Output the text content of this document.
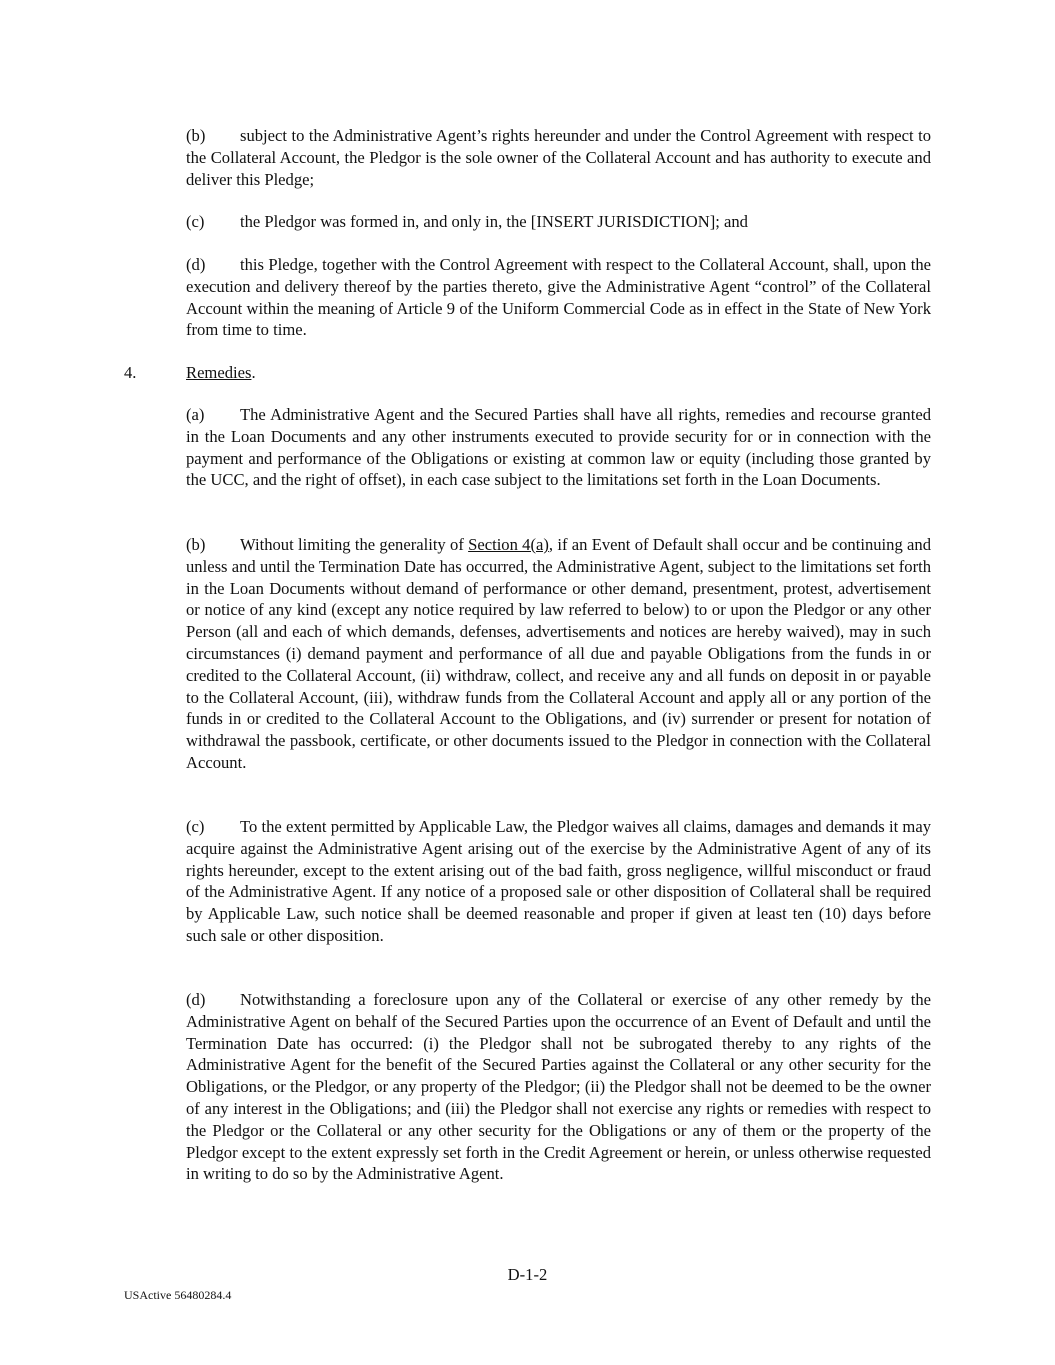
(b) subject to the Administrative Agent’s rights hereunder and under the Control Agreement with respect to the Collateral Account, the Pledgor is the sole owner of the Collateral Account and has authority to execute and deliver this Pledge;

(c) the Pledgor was formed in, and only in, the [INSERT JURISDICTION]; and

(d) this Pledge, together with the Control Agreement with respect to the Collateral Account, shall, upon the execution and delivery thereof by the parties thereto, give the Administrative Agent “control” of the Collateral Account within the meaning of Article 9 of the Uniform Commercial Code as in effect in the State of New York from time to time.

4.	Remedies.

(a) The Administrative Agent and the Secured Parties shall have all rights, remedies and recourse granted in the Loan Documents and any other instruments executed to provide security for or in connection with the payment and performance of the Obligations or existing at common law or equity (including those granted by the UCC, and the right of offset), in each case subject to the limitations set forth in the Loan Documents.

(b) Without limiting the generality of Section 4(a), if an Event of Default shall occur and be continuing and unless and until the Termination Date has occurred, the Administrative Agent, subject to the limitations set forth in the Loan Documents without demand of performance or other demand, presentment, protest, advertisement or notice of any kind (except any notice required by law referred to below) to or upon the Pledgor or any other Person (all and each of which demands, defenses, advertisements and notices are hereby waived), may in such circumstances (i) demand payment and performance of all due and payable Obligations from the funds in or credited to the Collateral Account, (ii) withdraw, collect, and receive any and all funds on deposit in or payable to the Collateral Account, (iii), withdraw funds from the Collateral Account and apply all or any portion of the funds in or credited to the Collateral Account to the Obligations, and (iv) surrender or present for notation of withdrawal the passbook, certificate, or other documents issued to the Pledgor in connection with the Collateral Account.

(c) To the extent permitted by Applicable Law, the Pledgor waives all claims, damages and demands it may acquire against the Administrative Agent arising out of the exercise by the Administrative Agent of any of its rights hereunder, except to the extent arising out of the bad faith, gross negligence, willful misconduct or fraud of the Administrative Agent. If any notice of a proposed sale or other disposition of Collateral shall be required by Applicable Law, such notice shall be deemed reasonable and proper if given at least ten (10) days before such sale or other disposition.

(d) Notwithstanding a foreclosure upon any of the Collateral or exercise of any other remedy by the Administrative Agent on behalf of the Secured Parties upon the occurrence of an Event of Default and until the Termination Date has occurred: (i) the Pledgor shall not be subrogated thereby to any rights of the Administrative Agent for the benefit of the Secured Parties against the Collateral or any other security for the Obligations, or the Pledgor, or any property of the Pledgor; (ii) the Pledgor shall not be deemed to be the owner of any interest in the Obligations; and (iii) the Pledgor shall not exercise any rights or remedies with respect to the Pledgor or the Collateral or any other security for the Obligations or any of them or the property of the Pledgor except to the extent expressly set forth in the Credit Agreement or herein, or unless otherwise requested in writing to do so by the Administrative Agent.

D-1-2
USActive 56480284.4
